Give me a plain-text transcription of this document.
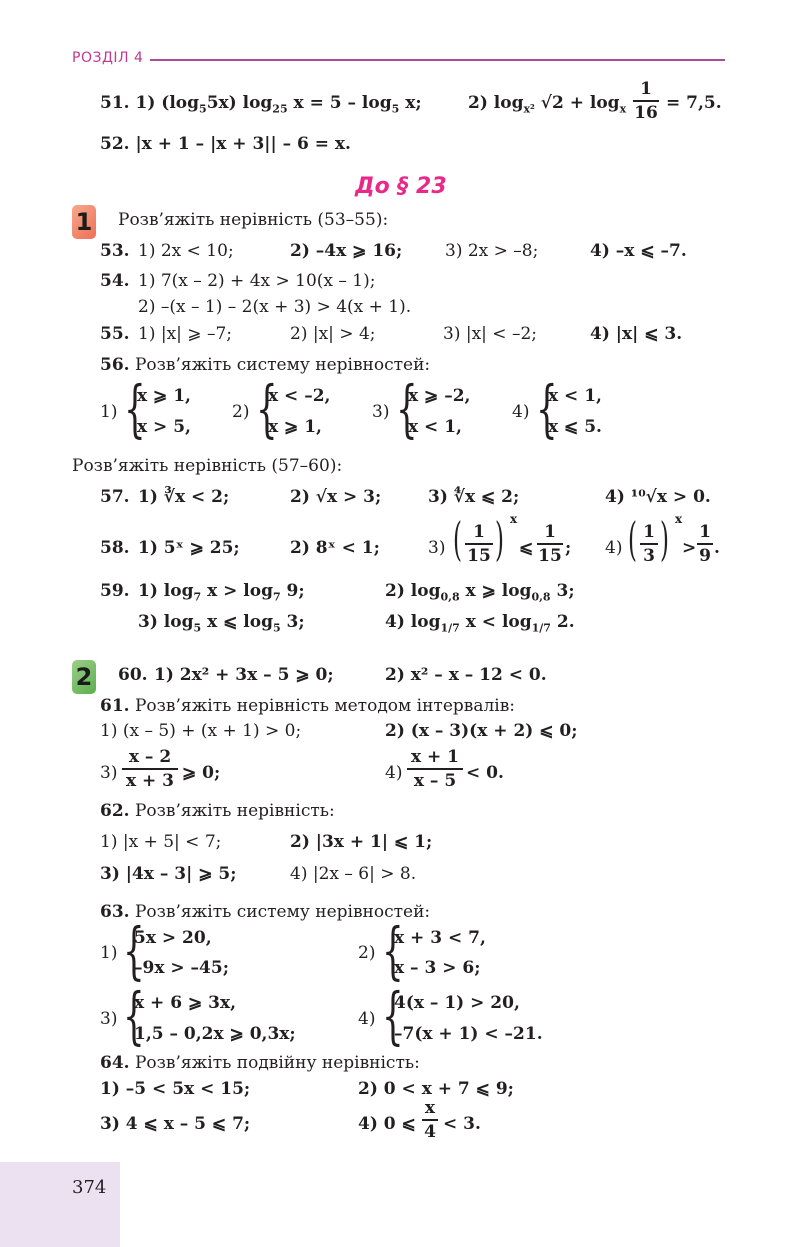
РОЗДІЛ 4
51. 1) $(\log_55x)$ $\log_{25} x = 5 - \log_5 x$;	2) $\log_{x^2} √2 + \log_x$
1
16 = 7,5.
52. |x + 1 – |x + 3|| – 6 = x.
До § 23
1 Розв’яжіть нерівність (53–55):
53. 1) 2x < 10;	2) –4x ⩾ 16;	3) 2x > –8;	4) –x ⩽ –7.
54. 1) 7(x – 2) + 4x > 10(x – 1);
2) –(x – 1) – 2(x + 3) > 4(x + 1).
55. 1) |x| ⩾ –7;	2) |x| > 4;	3) |x| < –2;	4) |x| ⩽ 3.
56. Розв’яжіть систему нерівностей:
1) {
x ⩾ 1,
x > 5,
2) {
x < –2,
x ⩾ 1,
3) {
x ⩾ –2,
x < 1,
4) {
x < 1,
x ⩽ 5.
Розв’яжіть нерівність (57–60):
57. 1) ∛x < 2;	2) √x > 3;	3) ∜x ⩽ 2;	4) ¹⁰√x > 0.
58. 1) 5ˣ ⩾ 25;	2) 8ˣ < 1;	3) ( 1
15 ) x
⩽
1
15 ; 4) ( 1
3 ) x
>
1
9 .
59. 1) $\log_7 x > \log_7 9$;	2) $\log_{0,8} x$ ⩾ $\log_{0,8} 3$;
3) $\log_5 x$ ⩽ $\log_5 3$;	4) $\log_{1/7} x < \log_{1/7} 2$.
2 60. 1) 2x² + 3x – 5 ⩾ 0;	2) x² – x – 12 < 0.
61. Розв’яжіть нерівність методом інтервалів:
1) (x – 5) + (x + 1) > 0;	2) (x – 3)(x + 2) ⩽ 0;
3)
x – 2
x + 3 ⩾ 0;	4)
x + 1
x – 5 < 0.
62. Розв’яжіть нерівність:
1) |x + 5| < 7;	2) |3x + 1| ⩽ 1;
3) |4x – 3| ⩾ 5;	4) |2x – 6| > 8.
63. Розв’яжіть систему нерівностей:
1) {
5x > 20,
–9x > –45;
2) {
x + 3 < 7,
x – 3 > 6;
3) {
x + 6 ⩾ 3x,
1,5 – 0,2x ⩾ 0,3x;
4) {
4(x – 1) > 20,
–7(x + 1) < –21.
64. Розв’яжіть подвійну нерівність:
1) –5 < 5x < 15;	2) 0 < x + 7 ⩽ 9;
3) 4 ⩽ x – 5 ⩽ 7;	4) 0 ⩽
x
4 < 3.
374
